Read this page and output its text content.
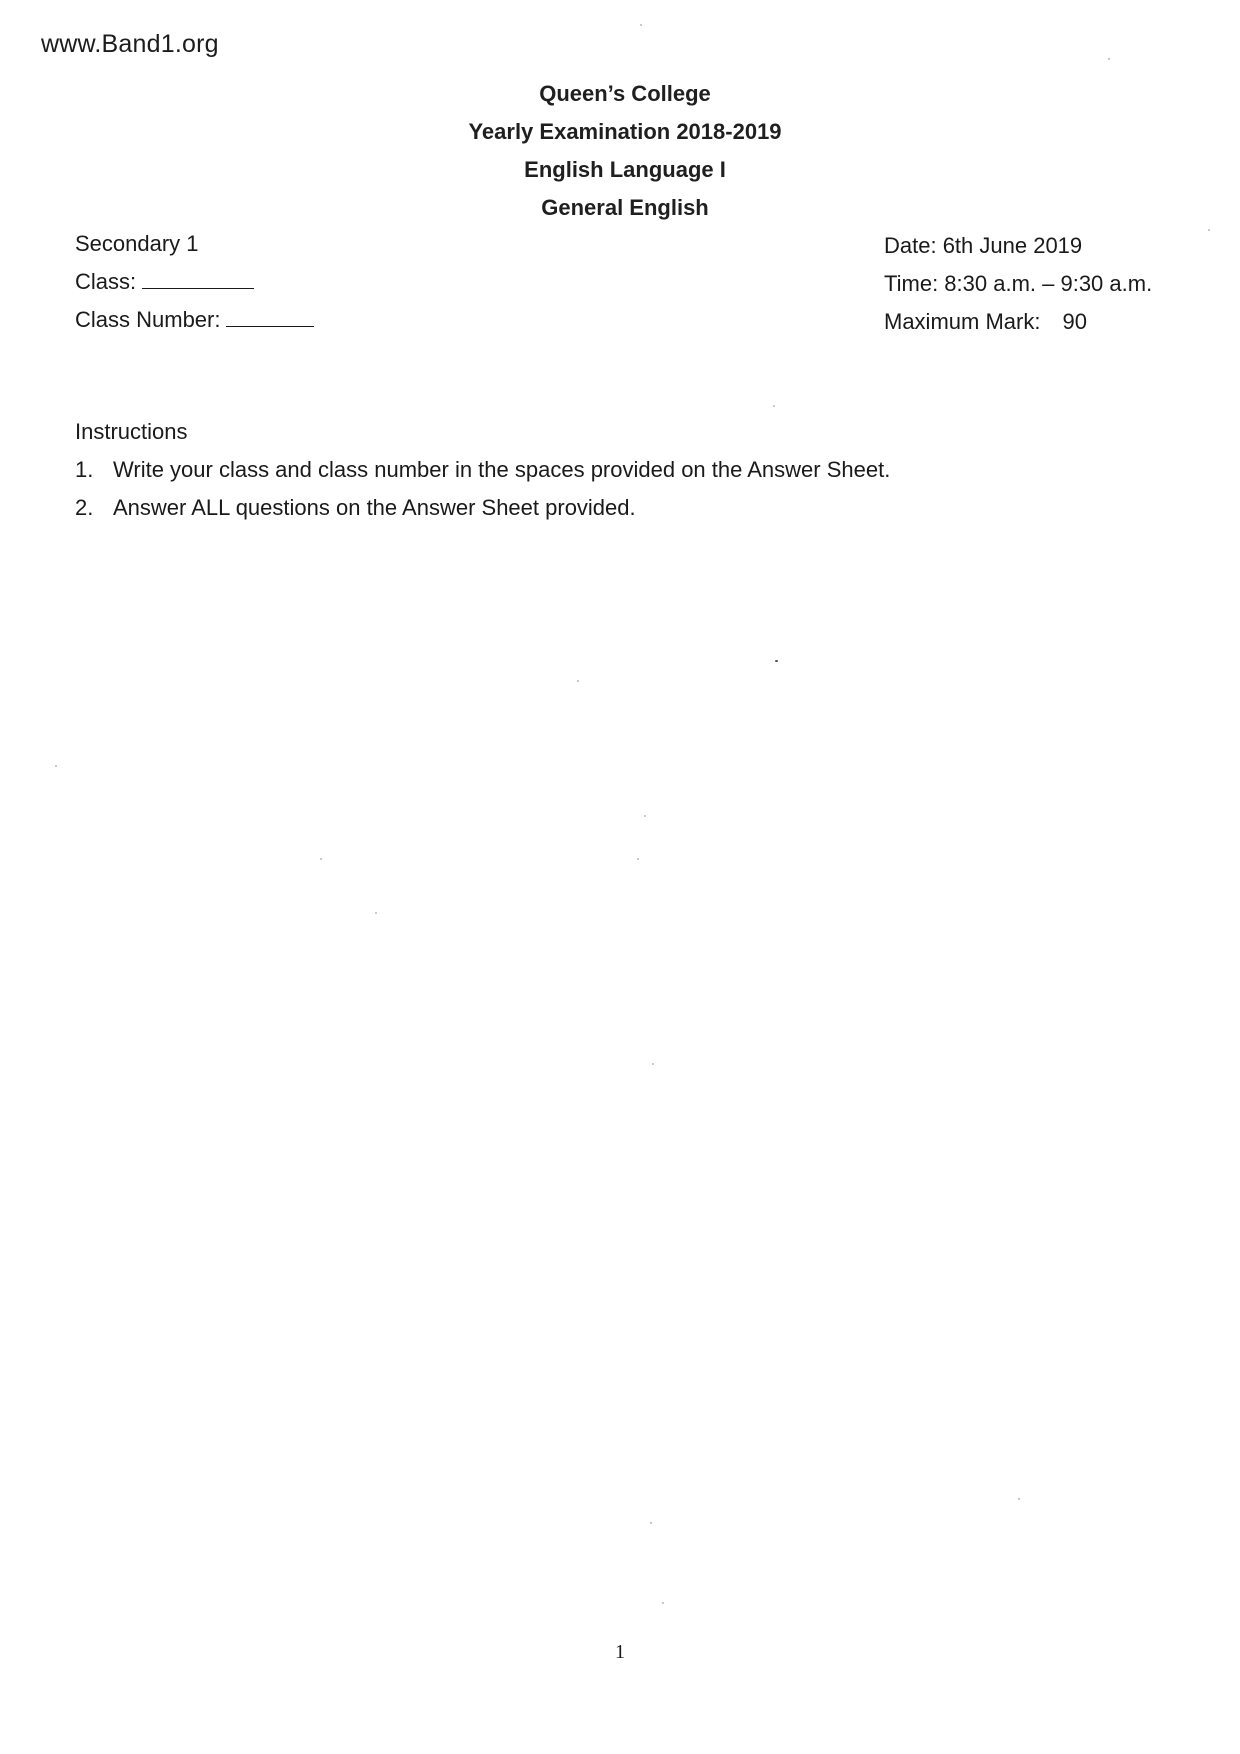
www.Band1.org
Queen’s College
Yearly Examination 2018-2019
English Language I
General English
Secondary 1
Class:
Class Number:
Date: 6th June 2019
Time: 8:30 a.m. – 9:30 a.m.
Maximum Mark: 90
Instructions
1. Write your class and class number in the spaces provided on the Answer Sheet.
2. Answer ALL questions on the Answer Sheet provided.
1
